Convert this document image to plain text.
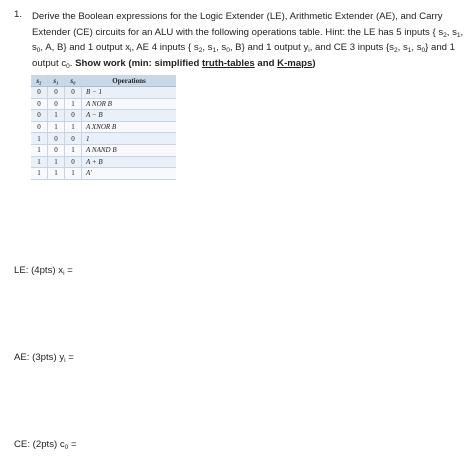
1. Derive the Boolean expressions for the Logic Extender (LE), Arithmetic Extender (AE), and Carry Extender (CE) circuits for an ALU with the following operations table. Hint: the LE has 5 inputs { $s_2$, $s_1$, $s_0$, A, B} and 1 output $x_i$, AE 4 inputs { $s_2$, $s_1$, $s_0$, B} and 1 output $y_i$, and CE 3 inputs {$s_2$, $s_1$, $s_0$} and 1 output $c_0$. Show work (min: simplified truth-tables and K-maps)
s₂	s₁	s₀	Operations
0	0	0	B − 1
0	0	1	A NOR B
0	1	0	A − B
0	1	1	A XNOR B
1	0	0	1
1	0	1	A NAND B
1	1	0	A + B
1	1	1	A′
LE: (4pts) $x_i$ =
AE: (3pts) $y_i$ =
CE: (2pts) $c_0$ =
